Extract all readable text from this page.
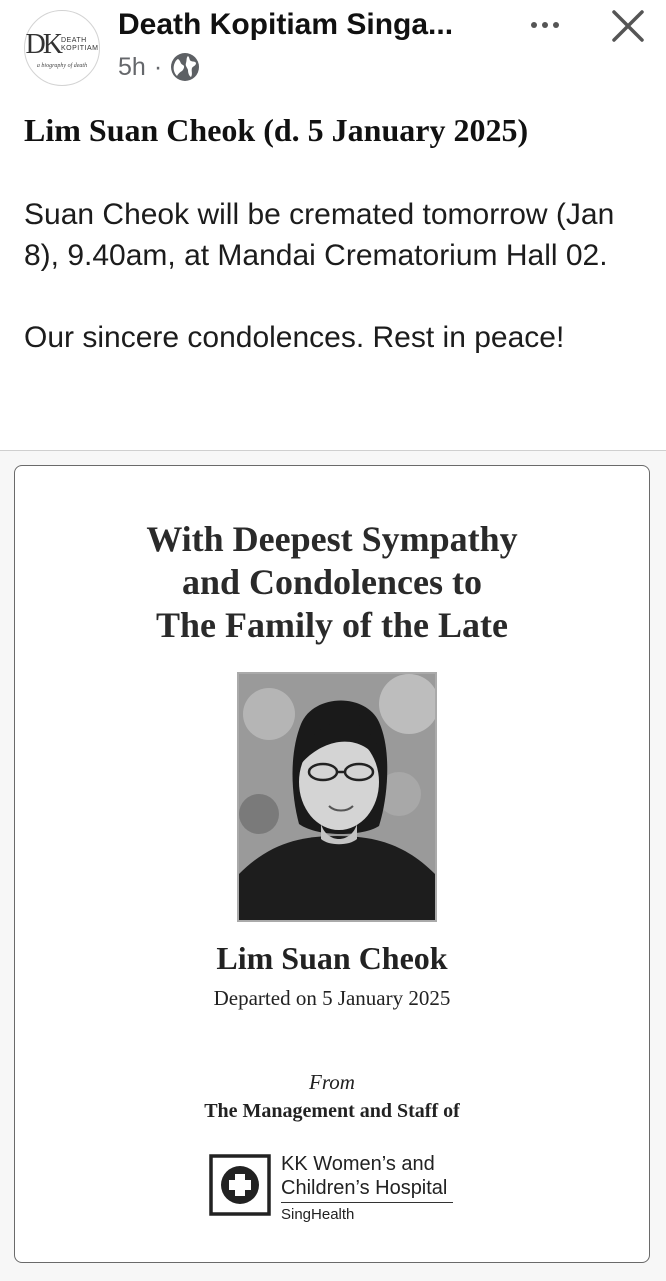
DK DEATH
KOPITIAM
a biography of death
Death Kopitiam Singa...
5h ·
Lim Suan Cheok (d. 5 January 2025)

Suan Cheok will be cremated tomorrow (Jan 8), 9.40am, at Mandai Crematorium Hall 02.

Our sincere condolences. Rest in peace!

With Deepest Sympathy
and Condolences to
The Family of the Late
Lim Suan Cheok
Departed on 5 January 2025
From
The Management and Staff of
KK Women’s and
Children’s Hospital
SingHealth
